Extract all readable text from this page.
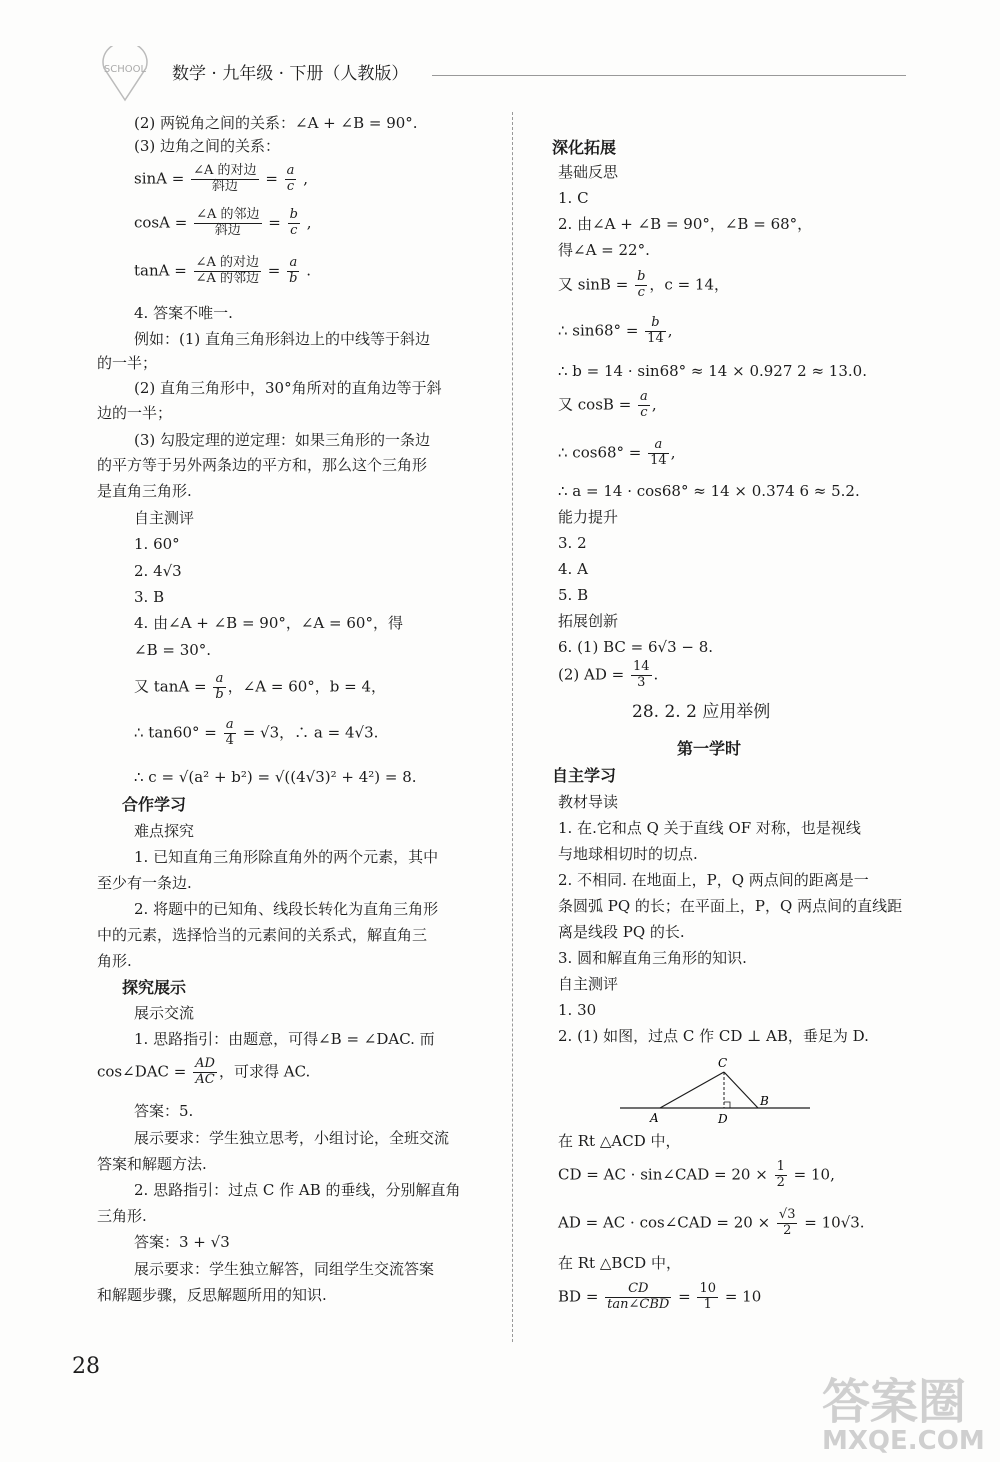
SCHOOL 数学 · 九年级 · 下册（人教版）
(2) 两锐角之间的关系：∠A + ∠B = 90°.
(3) 边角之间的关系：
$\sin A = \frac{\text{∠A 的对边}}{\text{斜边}} = \frac{a}{c}$ ,
$\cos A = \frac{\text{∠A 的邻边}}{\text{斜边}} = \frac{b}{c}$ ,
$\tan A = \frac{\text{∠A 的对边}}{\text{∠A 的邻边}} = \frac{a}{b}$ .
4. 答案不唯一.
例如：(1) 直角三角形斜边上的中线等于斜边
的一半；
(2) 直角三角形中，30°角所对的直角边等于斜
边的一半；
(3) 勾股定理的逆定理：如果三角形的一条边
的平方等于另外两条边的平方和，那么这个三角形
是直角三角形.
自主测评
1. 60°
2. 4√3
3. B
4. 由∠A + ∠B = 90°，∠A = 60°，得
∠B = 30°.
又 $\tan A = \frac{a}{b}$ ，∠A = 60°，b = 4，
∴ $\tan 60^\circ = \frac{a}{4} = √3$，∴ a = 4√3.
∴ c = √(a² + b²) = √((4√3)² + 4²) = 8.
合作学习
难点探究
1. 已知直角三角形除直角外的两个元素，其中
至少有一条边.
2. 将题中的已知角、线段长转化为直角三角形
中的元素，选择恰当的元素间的关系式，解直角三
角形.
探究展示
展示交流
1. 思路指引：由题意，可得∠B = ∠DAC. 而
cos∠DAC = $\frac{AD}{AC}$ ，可求得 AC.
答案：5.
展示要求：学生独立思考，小组讨论，全班交流
答案和解题方法.
2. 思路指引：过点 C 作 AB 的垂线，分别解直角
三角形.
答案：3 + √3
展示要求：学生独立解答，同组学生交流答案
和解题步骤，反思解题所用的知识.
深化拓展
基础反思
1. C
2. 由∠A + ∠B = 90°，∠B = 68°，
得∠A = 22°.
又 $\sin B = \frac{b}{c}$ ，c = 14，
∴ $\sin 68^\circ = \frac{b}{14}$ ,
∴ b = 14 · sin68° ≈ 14 × 0.927 2 ≈ 13.0.
又 $\cos B = \frac{a}{c}$ ,
∴ $\cos 68^\circ = \frac{a}{14}$ ,
∴ a = 14 · cos68° ≈ 14 × 0.374 6 ≈ 5.2.
能力提升
3. 2
4. A
5. B
拓展创新
6. (1) BC = 6√3 − 8.
(2) AD = $\frac{14}{3}$ .
28. 2. 2 应用举例
第一学时
自主学习
教材导读
1. 在.它和点 Q 关于直线 OF 对称，也是视线
与地球相切时的切点.
2. 不相同. 在地面上，P，Q 两点间的距离是一
条圆弧 PQ 的长；在平面上，P，Q 两点间的直线距
离是线段 PQ 的长.
3. 圆和解直角三角形的知识.
自主测评
1. 30
2. (1) 如图，过点 C 作 CD ⊥ AB，垂足为 D.
C
A	D
B
在 Rt △ACD 中，
CD = AC · sin∠CAD = $20 \times \frac{1}{2} = 10$,
AD = AC · cos∠CAD = $20 \times \frac{√3}{2} = 10√3$.
在 Rt △BCD 中，
BD = $\frac{CD}{\text{tan∠CBD}} = \frac{10}{1} = 10$
28
答案圈
MXQE.COM
